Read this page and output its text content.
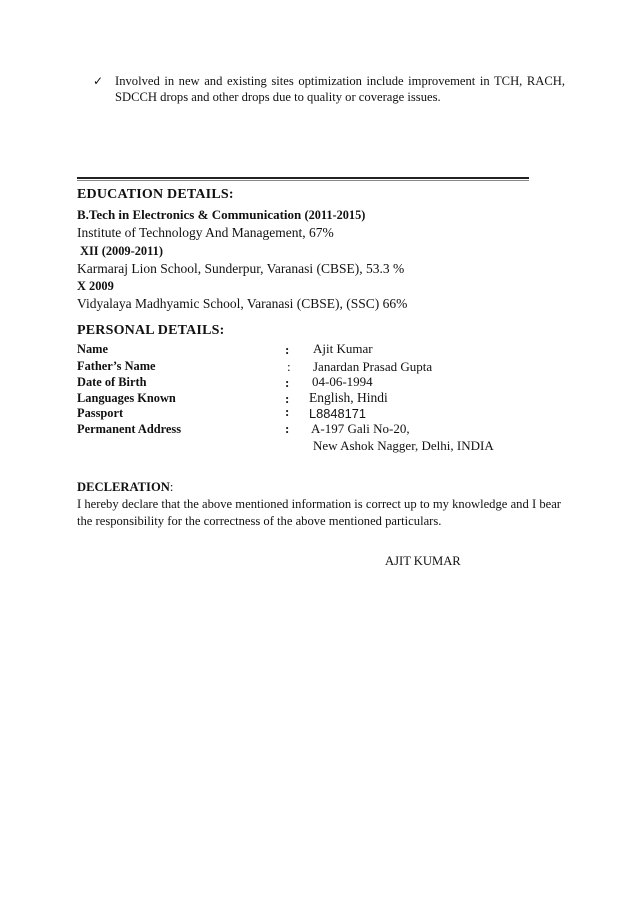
✓ Involved in new and existing sites optimization include improvement in TCH, RACH, SDCCH drops and other drops due to quality or coverage issues.
EDUCATION DETAILS:
B.Tech in Electronics & Communication (2011-2015)
Institute of Technology And Management, 67%
XII (2009-2011)
Karmaraj Lion School, Sunderpur, Varanasi (CBSE), 53.3 %
X 2009
Vidyalaya Madhyamic School, Varanasi (CBSE), (SSC) 66%
PERSONAL DETAILS:
Name	: Ajit Kumar
Father’s Name	: Janardan Prasad Gupta
Date of Birth	: 04-06-1994
Languages Known	: English, Hindi
Passport	: L8848171
Permanent Address	: A-197 Gali No-20,
New Ashok Nagger, Delhi, INDIA
DECLERATION:
I hereby declare that the above mentioned information is correct up to my knowledge and I bear the responsibility for the correctness of the above mentioned particulars.
AJIT KUMAR
